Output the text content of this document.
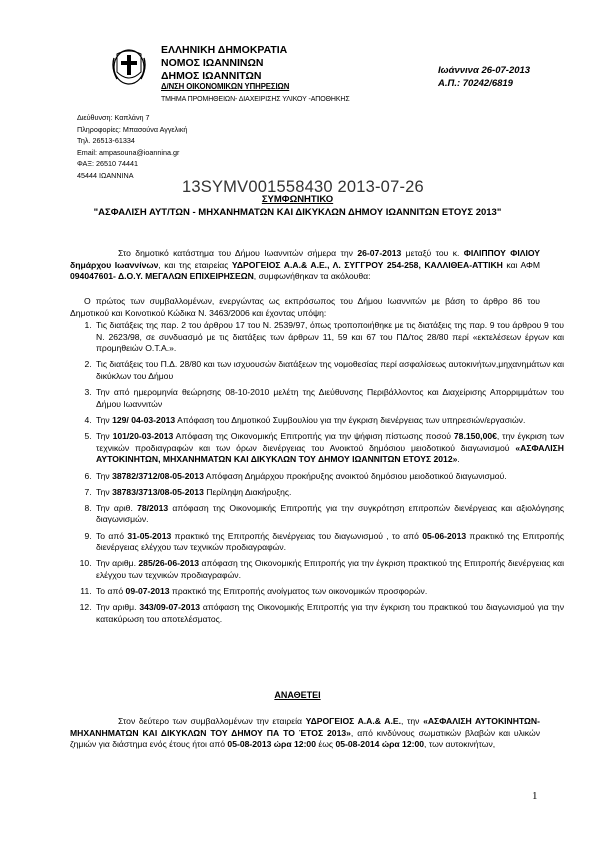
ΕΛΛΗΝΙΚΗ ΔΗΜΟΚΡΑΤΙΑ
ΝΟΜΟΣ ΙΩΑΝΝΙΝΩΝ
ΔΗΜΟΣ ΙΩΑΝΝΙΤΩΝ
Δ/ΝΣΗ ΟΙΚΟΝΟΜΙΚΩΝ ΥΠΗΡΕΣΙΩΝ
ΤΜΗΜΑ ΠΡΟΜΗΘΕΙΩΝ- ΔΙΑΧΕΙΡΙΣΗΣ ΥΛΙΚΟΥ -ΑΠΟΘΗΚΗΣ
Διεύθυνση: Καπλάνη 7
Πληροφορίες: Μπασούνα Αγγελική
Τηλ. 26513-61334
Email: ampasouna@ioannina.gr
ΦΑΞ: 26510 74441
45444 ΙΩΑΝΝΙΝΑ
Ιωάννινα 26-07-2013
Α.Π.: 70242/6819
13SYMV001558430 2013-07-26
ΣΥΜΦΩΝΗΤΙΚΟ
"ΑΣΦΑΛΙΣΗ ΑΥΤ/ΤΩΝ - ΜΗΧΑΝΗΜΑΤΩΝ ΚΑΙ ΔΙΚΥΚΛΩΝ ΔΗΜΟΥ ΙΩΑΝΝΙΤΩΝ ΕΤΟΥΣ 2013"
Στο δημοτικό κατάστημα του Δήμου Ιωαννιτών σήμερα την 26-07-2013 μεταξύ του κ. ΦΙΛΙΠΠΟΥ ΦΙΛΙΟΥ δημάρχου Ιωαννίνων, και της εταιρείας ΥΔΡΟΓΕΙΟΣ Α.Α.& Α.Ε., Λ. ΣΥΓΓΡΟΥ 254-258, ΚΑΛΛΙΘΕΑ-ΑΤΤΙΚΗ και ΑΦΜ 094047601- Δ.Ο.Υ. ΜΕΓΑΛΩΝ ΕΠΙΧΕΙΡΗΣΕΩΝ, συμφωνήθηκαν τα ακόλουθα:
Ο πρώτος των συμβαλλομένων, ενεργώντας ως εκπρόσωπος του Δήμου Ιωαννιτών με βάση το άρθρο 86 του Δημοτικού και Κοινοτικού Κώδικα Ν. 3463/2006 και έχοντας υπόψη:
1. Τις διατάξεις της παρ. 2 του άρθρου 17 του Ν. 2539/97, όπως τροποποιήθηκε με τις διατάξεις της παρ. 9 του άρθρου 9 του Ν. 2623/98, σε συνδυασμό με τις διατάξεις των άρθρων 11, 59 και 67 του ΠΔ/τος 28/80 περί «εκτελέσεων έργων και προμηθειών Ο.Τ.Α.».
2. Τις διατάξεις του Π.Δ. 28/80 και των ισχυουσών διατάξεων της νομοθεσίας περί ασφαλίσεως αυτοκινήτων,μηχανημάτων και δικύκλων του Δήμου
3. Την από ημερομηνία θεώρησης 08-10-2010 μελέτη της Διεύθυνσης Περιβάλλοντος και Διαχείρισης Απορριμμάτων του Δήμου Ιωαννιτών
4. Την 129/ 04-03-2013 Απόφαση του Δημοτικού Συμβουλίου για την έγκριση διενέργειας των υπηρεσιών/εργασιών.
5. Την 101/20-03-2013 Απόφαση της Οικονομικής Επιτροπής για την ψήφιση πίστωσης ποσού 78.150,00€, την έγκριση των τεχνικών προδιαγραφών και των όρων διενέργειας του Ανοικτού δημόσιου μειοδοτικού διαγωνισμού «ΑΣΦΑΛΙΣΗ ΑΥΤΟΚΙΝΗΤΩΝ, ΜΗΧΑΝΗΜΑΤΩΝ ΚΑΙ ΔΙΚΥΚΛΩΝ ΤΟΥ ΔΗΜΟΥ ΙΩΑΝΝΙΤΩΝ ΕΤΟΥΣ 2012».
6. Την 38782/3712/08-05-2013 Απόφαση Δημάρχου προκήρυξης ανοικτού δημόσιου μειοδοτικού διαγωνισμού.
7. Την 38783/3713/08-05-2013 Περίληψη Διακήρυξης.
8. Την αριθ. 78/2013 απόφαση της Οικονομικής Επιτροπής για την συγκρότηση επιτροπών διενέργειας και αξιολόγησης διαγωνισμών.
9. Το από 31-05-2013 πρακτικό της Επιτροπής διενέργειας του διαγωνισμού , το από 05-06-2013 πρακτικό της Επιτροπής διενέργειας ελέγχου των τεχνικών προδιαγραφών.
10. Την αριθμ. 285/26-06-2013 απόφαση της Οικονομικής Επιτροπής για την έγκριση πρακτικού της Επιτροπής διενέργειας και ελέγχου των τεχνικών προδιαγραφών.
11. Το από 09-07-2013 πρακτικό της Επιτροπής ανοίγματος των οικονομικών προσφορών.
12. Την αριθμ. 343/09-07-2013 απόφαση της Οικονομικής Επιτροπής για την έγκριση του πρακτικού του διαγωνισμού για την κατακύρωση του αποτελέσματος.
ΑΝΑΘΕΤΕΙ
Στον δεύτερο των συμβαλλομένων την εταιρεία ΥΔΡΟΓΕΙΟΣ Α.Α.& Α.Ε., την «ΑΣΦΑΛΙΣΗ ΑΥΤΟΚΙΝΗΤΩΝ- ΜΗΧΑΝΗΜΑΤΩΝ ΚΑΙ ΔΙΚΥΚΛΩΝ ΤΟΥ ΔΗΜΟΥ ΠΑ ΤΟ ΈΤΟΣ 2013», από κινδύνους σωματικών βλαβών και υλικών ζημιών για διάστημα ενός έτους ήτοι από 05-08-2013 ώρα 12:00 έως 05-08-2014 ώρα 12:00, των αυτοκινήτων,
1
